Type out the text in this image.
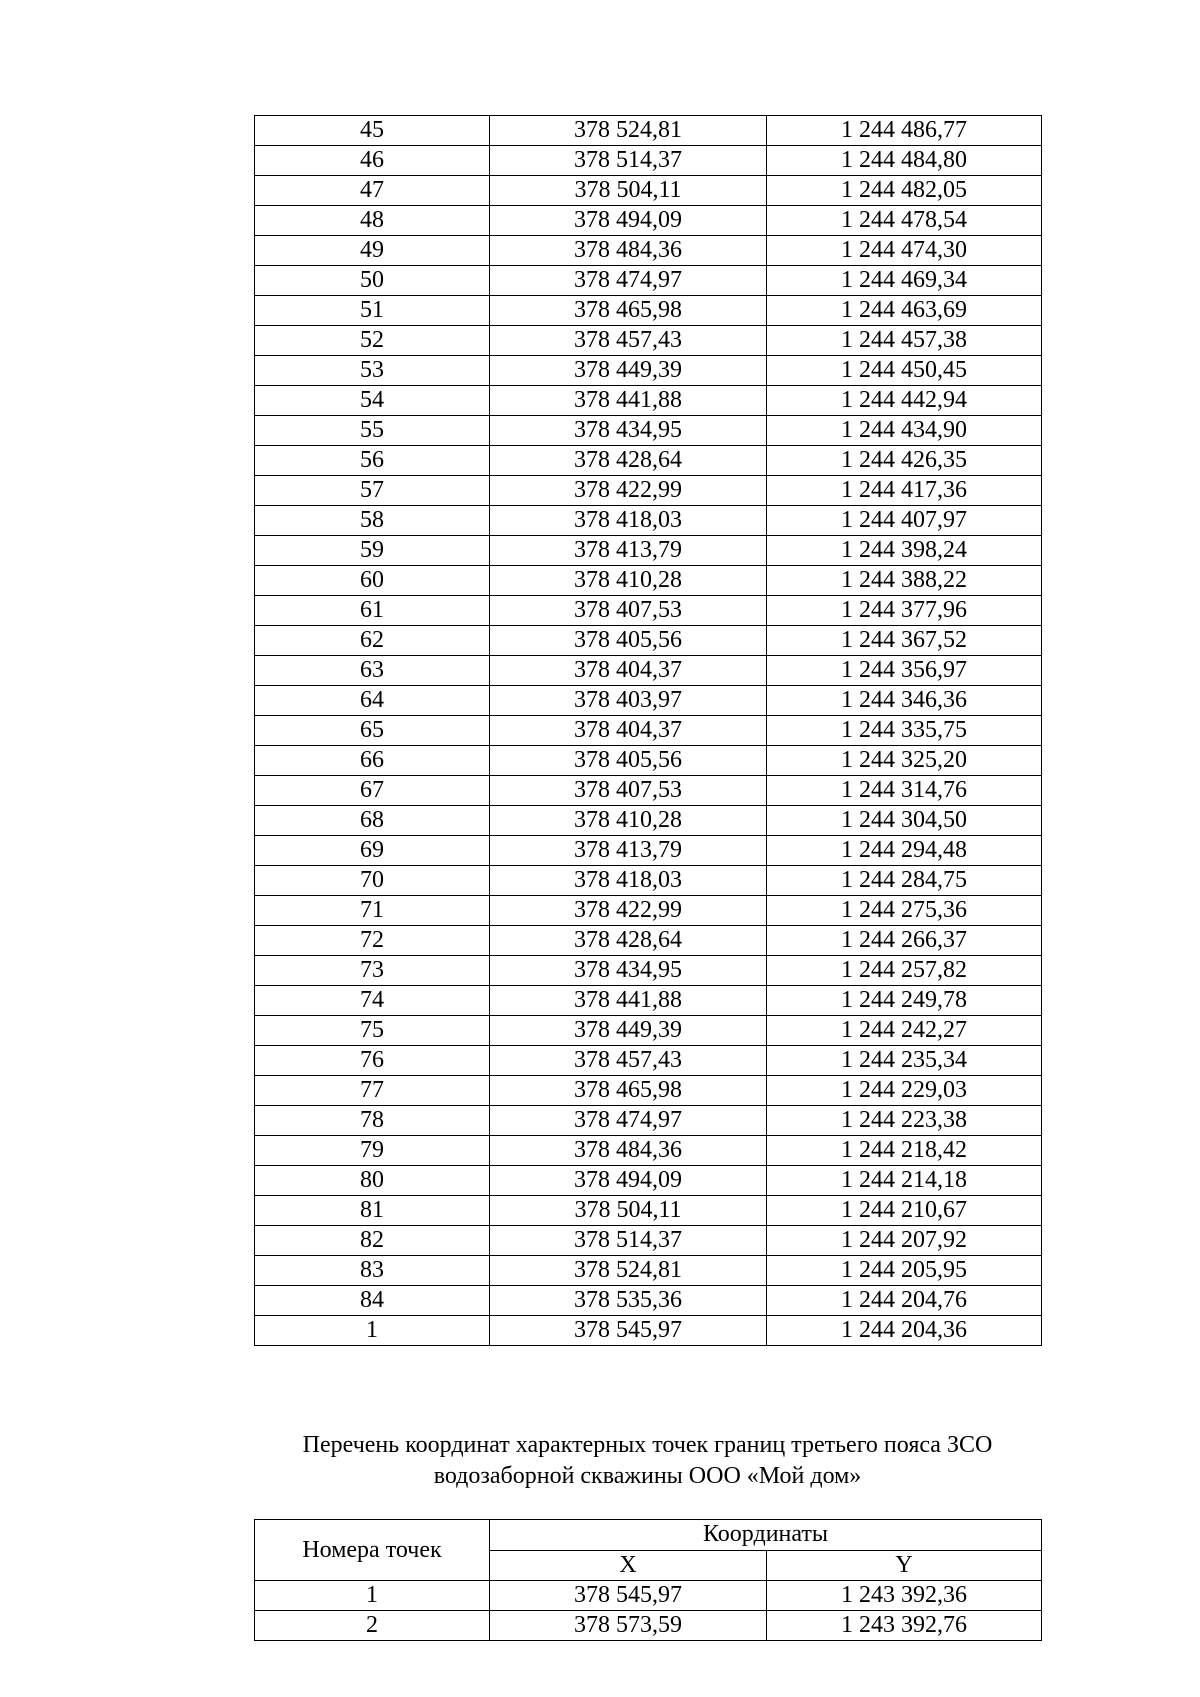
45	378 524,81	1 244 486,77
46	378 514,37	1 244 484,80
47	378 504,11	1 244 482,05
48	378 494,09	1 244 478,54
49	378 484,36	1 244 474,30
50	378 474,97	1 244 469,34
51	378 465,98	1 244 463,69
52	378 457,43	1 244 457,38
53	378 449,39	1 244 450,45
54	378 441,88	1 244 442,94
55	378 434,95	1 244 434,90
56	378 428,64	1 244 426,35
57	378 422,99	1 244 417,36
58	378 418,03	1 244 407,97
59	378 413,79	1 244 398,24
60	378 410,28	1 244 388,22
61	378 407,53	1 244 377,96
62	378 405,56	1 244 367,52
63	378 404,37	1 244 356,97
64	378 403,97	1 244 346,36
65	378 404,37	1 244 335,75
66	378 405,56	1 244 325,20
67	378 407,53	1 244 314,76
68	378 410,28	1 244 304,50
69	378 413,79	1 244 294,48
70	378 418,03	1 244 284,75
71	378 422,99	1 244 275,36
72	378 428,64	1 244 266,37
73	378 434,95	1 244 257,82
74	378 441,88	1 244 249,78
75	378 449,39	1 244 242,27
76	378 457,43	1 244 235,34
77	378 465,98	1 244 229,03
78	378 474,97	1 244 223,38
79	378 484,36	1 244 218,42
80	378 494,09	1 244 214,18
81	378 504,11	1 244 210,67
82	378 514,37	1 244 207,92
83	378 524,81	1 244 205,95
84	378 535,36	1 244 204,76
1	378 545,97	1 244 204,36
Перечень координат характерных точек границ третьего пояса ЗСО
водозаборной скважины ООО «Мой дом»
Номера точек	Координаты	
	X	Y
1	378 545,97	1 243 392,36
2	378 573,59	1 243 392,76
